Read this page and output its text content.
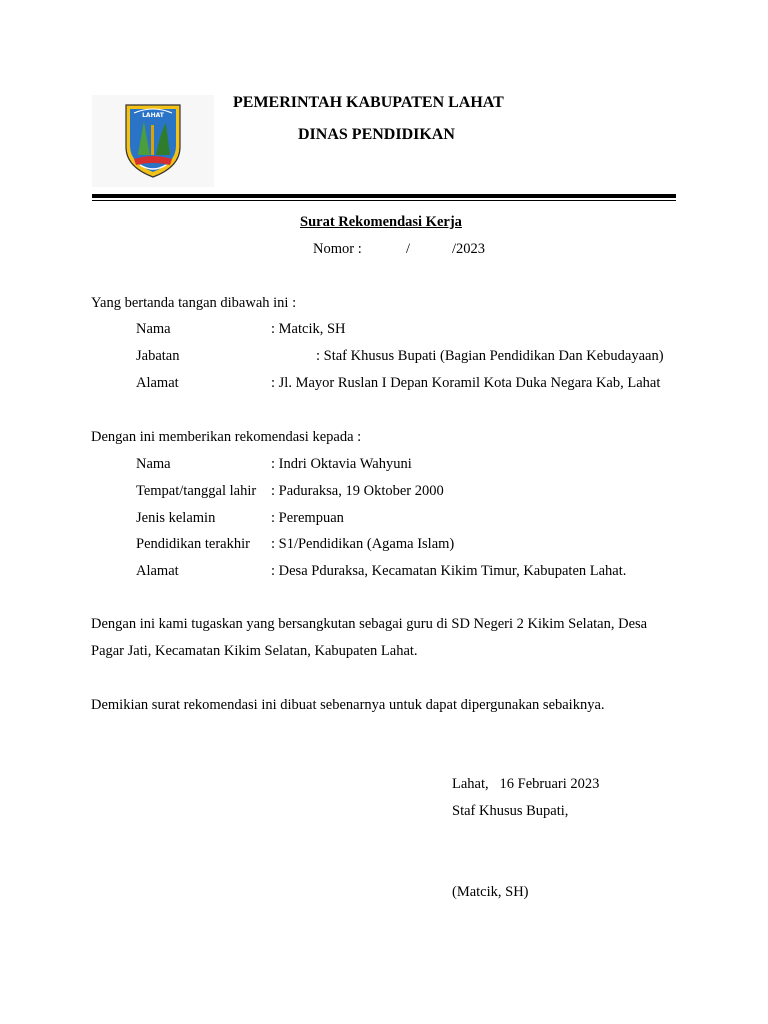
LAHAT
PEMERINTAH KABUPATEN LAHAT
DINAS PENDIDIKAN
Surat Rekomendasi Kerja
Nomor :	/	/2023
Yang bertanda tangan dibawah ini :
Nama	: Matcik, SH
Jabatan	: Staf Khusus Bupati (Bagian Pendidikan Dan Kebudayaan)
Alamat	: Jl. Mayor Ruslan I Depan Koramil Kota Duka Negara Kab, Lahat
Dengan ini memberikan rekomendasi kepada :
Nama	: Indri Oktavia Wahyuni
Tempat/tanggal lahir : Paduraksa, 19 Oktober 2000
Jenis kelamin	: Perempuan
Pendidikan terakhir : S1/Pendidikan (Agama Islam)
Alamat	: Desa Pduraksa, Kecamatan Kikim Timur, Kabupaten Lahat.
Dengan ini kami tugaskan yang bersangkutan sebagai guru di SD Negeri 2 Kikim Selatan, Desa
Pagar Jati, Kecamatan Kikim Selatan, Kabupaten Lahat.
Demikian surat rekomendasi ini dibuat sebenarnya untuk dapat dipergunakan sebaiknya.
Lahat,   16 Februari 2023
Staf Khusus Bupati,
(Matcik, SH)
